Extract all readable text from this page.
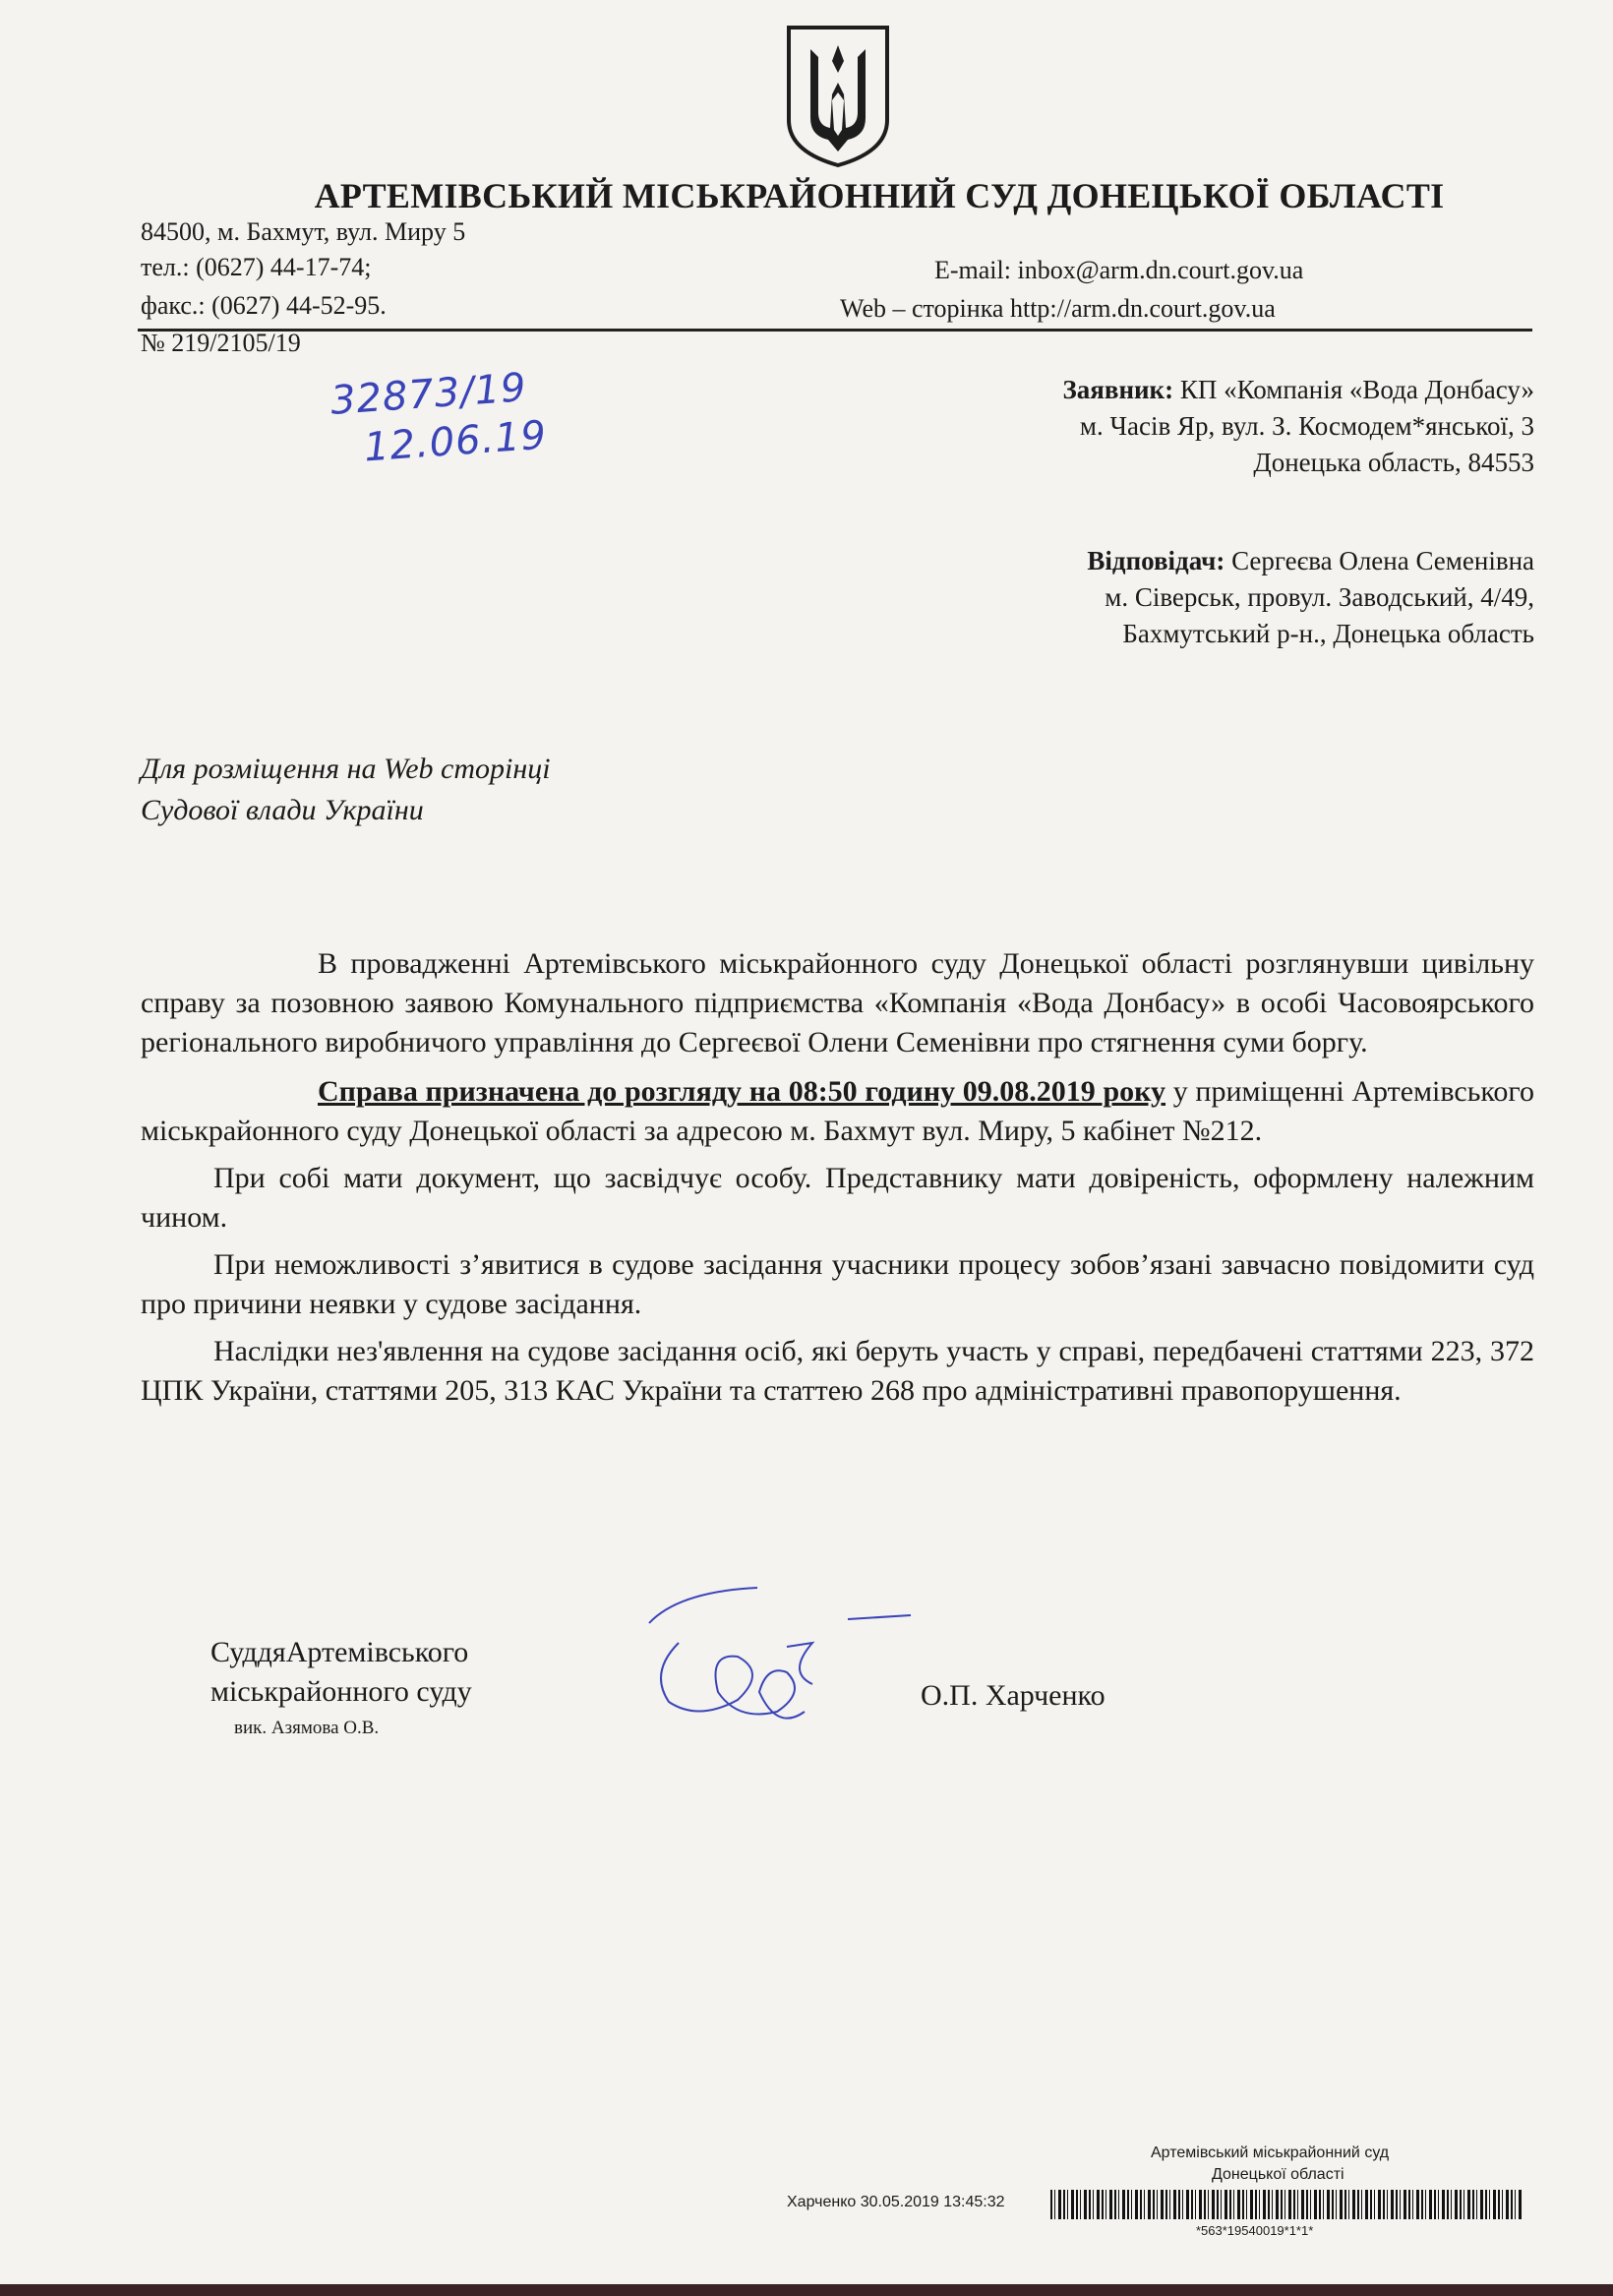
АРТЕМІВСЬКИЙ МІСЬКРАЙОННИЙ СУД ДОНЕЦЬКОЇ ОБЛАСТІ
84500, м. Бахмут, вул. Миру 5
тел.: (0627) 44-17-74;
факс.: (0627) 44-52-95.
E-mail: inbox@arm.dn.court.gov.ua
Web – сторінка http://arm.dn.court.gov.ua
№ 219/2105/19
32873/19
12.06.19
Заявник: КП «Компанія «Вода Донбасу»
м. Часів Яр, вул. З. Космодем*янської, 3
Донецька область, 84553
Відповідач: Сергеєва Олена Семенівна
м. Сіверськ, провул. Заводський, 4/49,
Бахмутський р-н., Донецька область
Для розміщення на Web сторінці
Судової влади України

В провадженні Артемівського міськрайонного суду Донецької області розглянувши цивільну справу за позовною заявою Комунального підприємства «Компанія «Вода Донбасу» в особі Часовоярського регіонального виробничого управління до Сергеєвої Олени Семенівни про стягнення суми боргу.

Справа призначена до розгляду на 08:50 годину 09.08.2019 року у приміщенні Артемівського міськрайонного суду Донецької області за адресою м. Бахмут вул. Миру, 5 кабінет №212.

При собі мати документ, що засвідчує особу. Представнику мати довіреність, оформлену належним чином.

При неможливості з’явитися в судове засідання учасники процесу зобов’язані завчасно повідомити суд про причини неявки у судове засідання.

Наслідки нез'явлення на судове засідання осіб, які беруть участь у справі, передбачені статтями 223, 372 ЦПК України, статтями 205, 313 КАС України та статтею 268 про адміністративні правопорушення.

СуддяАртемівського
міськрайонного суду
вик. Азямова О.В.
О.П. Харченко
Артемівський міськрайонний суд
Донецької області
Харченко 30.05.2019 13:45:32
*563*19540019*1*1*
